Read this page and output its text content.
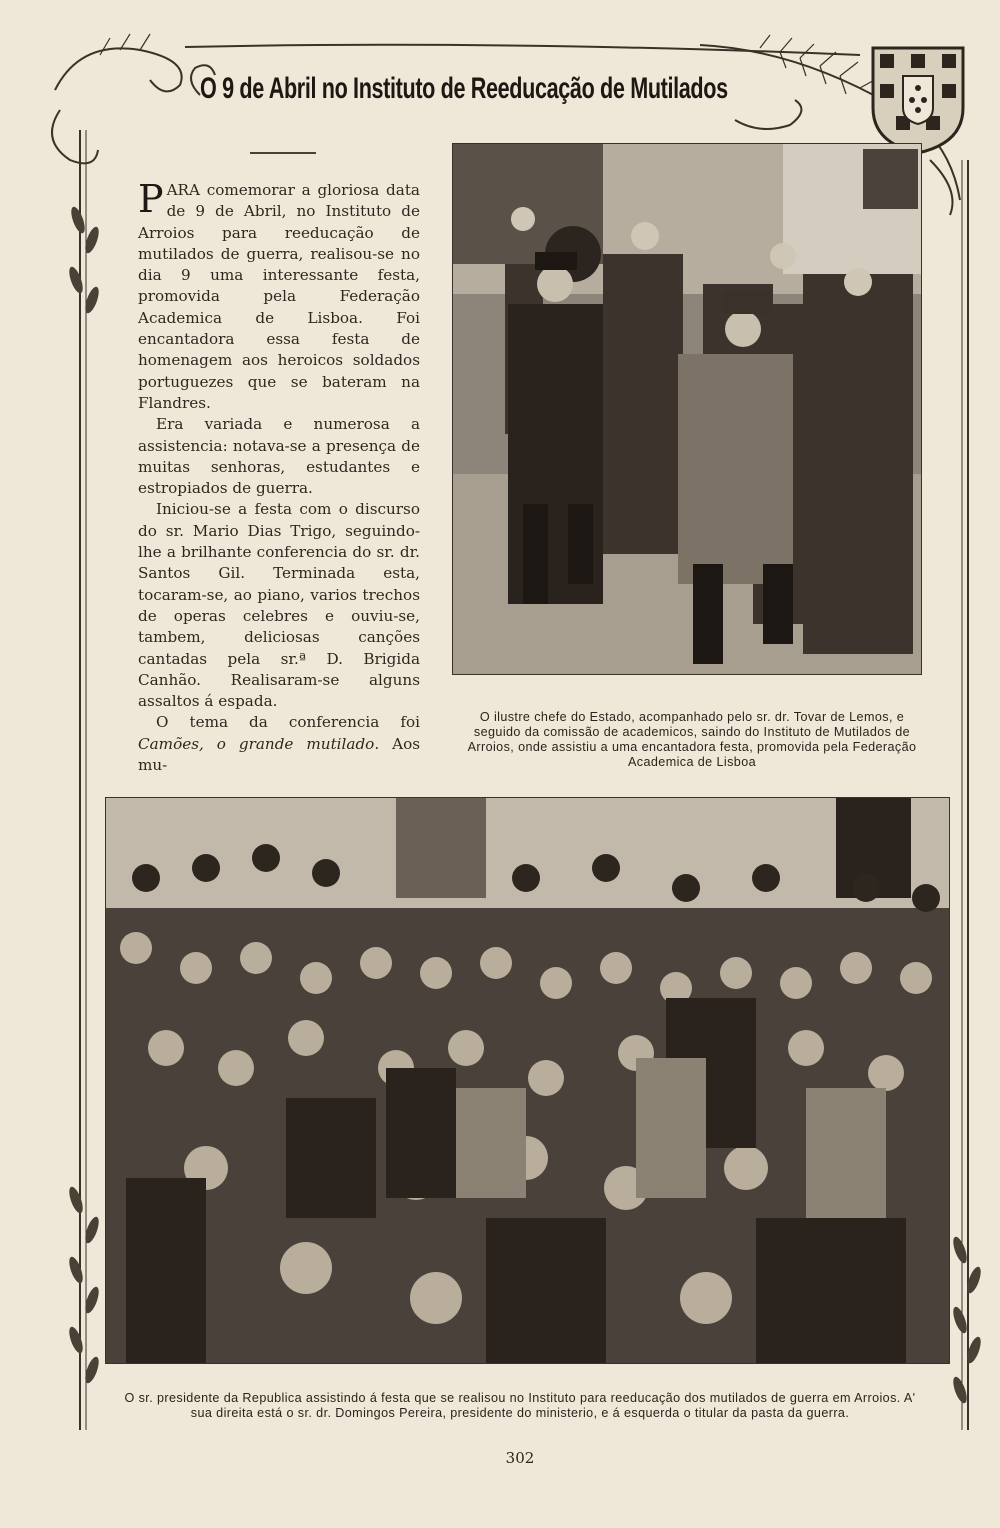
O 9 de Abril no Instituto de Reeducação de Mutilados

PARA comemorar a gloriosa data de 9 de Abril, no Instituto de Arroios para reeducação de mutilados de guerra, realisou-se no dia 9 uma interessante festa, promovida pela Federação Academica de Lisboa. Foi encantadora essa festa de homenagem aos heroicos soldados portuguezes que se bateram na Flandres.

Era variada e numerosa a assistencia: notava-se a presença de muitas senhoras, estudantes e estropiados de guerra.

Iniciou-se a festa com o discurso do sr. Mario Dias Trigo, seguindo-lhe a brilhante conferencia do sr. dr. Santos Gil. Terminada esta, tocaram-se, ao piano, varios trechos de operas celebres e ouviu-se, tambem, deliciosas canções cantadas pela sr.ª D. Brigida Canhão. Realisaram-se alguns assaltos á espada.

O tema da conferencia foi Camões, o grande mutilado. Aos mu-

O ilustre chefe do Estado, acompanhado pelo sr. dr. Tovar de Lemos, e seguido da comissão de academicos, saindo do Instituto de Mutilados de Arroios, onde assistiu a uma encantadora festa, promovida pela Federação Academica de Lisboa
O sr. presidente da Republica assistindo á festa que se realisou no Instituto para reeducação dos mutilados de guerra em Arroios. A' sua direita está o sr. dr. Domingos Pereira, presidente do ministerio, e á esquerda o titular da pasta da guerra.
302
